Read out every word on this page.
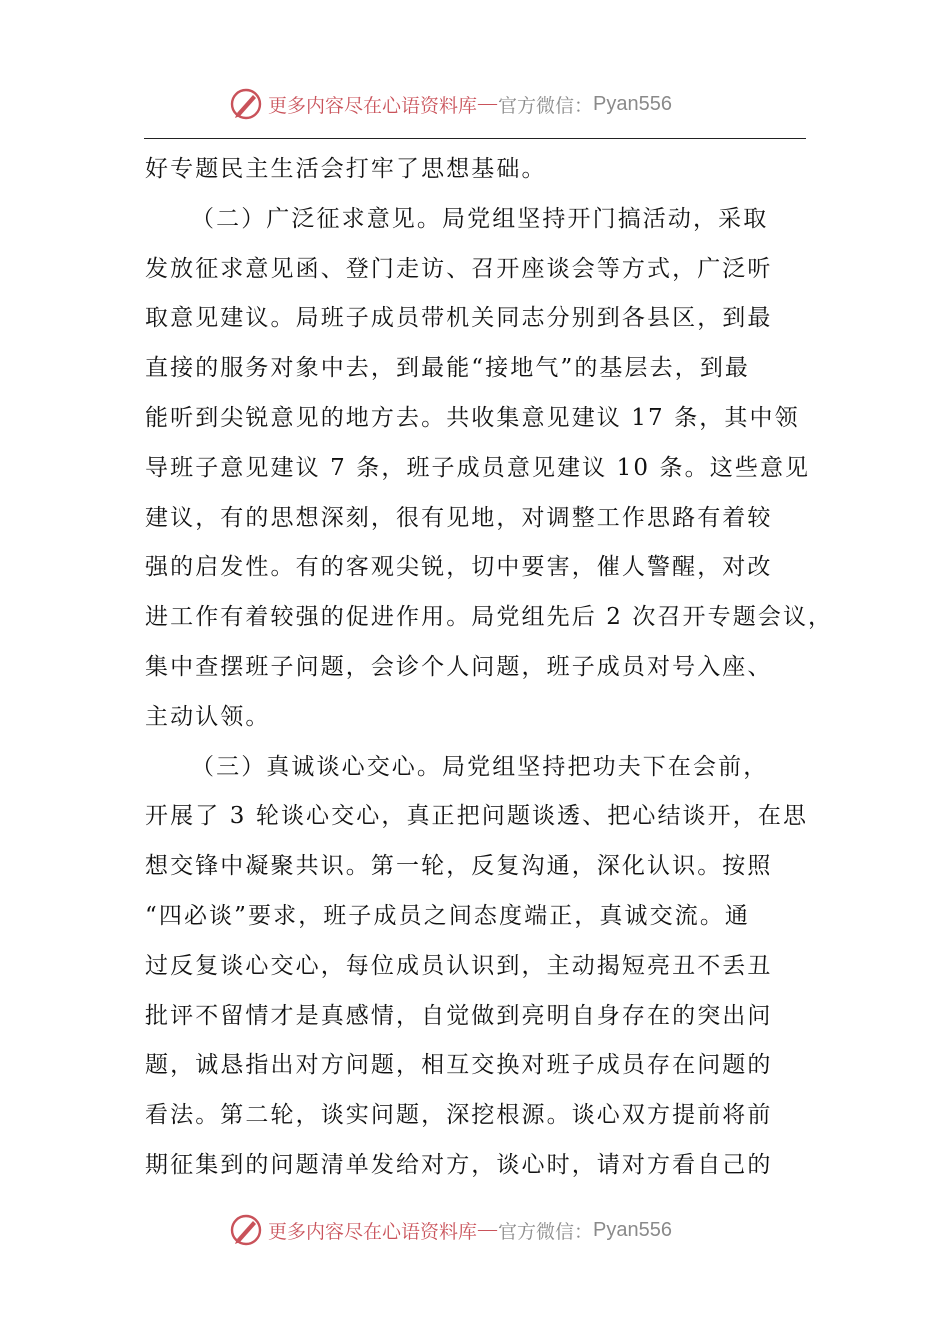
更多内容尽在心语资料库 — 官方微信： Pyan556
好专题民主生活会打牢了思想基础。
（二）广泛征求意见。局党组坚持开门搞活动，采取
发放征求意见函、登门走访、召开座谈会等方式，广泛听
取意见建议。局班子成员带机关同志分别到各县区，到最
直接的服务对象中去，到最能“接地气”的基层去，到最
能听到尖锐意见的地方去。共收集意见建议 17 条，其中领
导班子意见建议 7 条，班子成员意见建议 10 条。这些意见
建议，有的思想深刻，很有见地，对调整工作思路有着较
强的启发性。有的客观尖锐，切中要害，催人警醒，对改
进工作有着较强的促进作用。局党组先后 2 次召开专题会议，
集中查摆班子问题，会诊个人问题，班子成员对号入座、
主动认领。
（三）真诚谈心交心。局党组坚持把功夫下在会前，
开展了 3 轮谈心交心，真正把问题谈透、把心结谈开，在思
想交锋中凝聚共识。第一轮，反复沟通，深化认识。按照
“四必谈”要求，班子成员之间态度端正，真诚交流。通
过反复谈心交心，每位成员认识到，主动揭短亮丑不丢丑
批评不留情才是真感情，自觉做到亮明自身存在的突出问
题，诚恳指出对方问题，相互交换对班子成员存在问题的
看法。第二轮，谈实问题，深挖根源。谈心双方提前将前
期征集到的问题清单发给对方，谈心时，请对方看自己的
更多内容尽在心语资料库 — 官方微信： Pyan556
